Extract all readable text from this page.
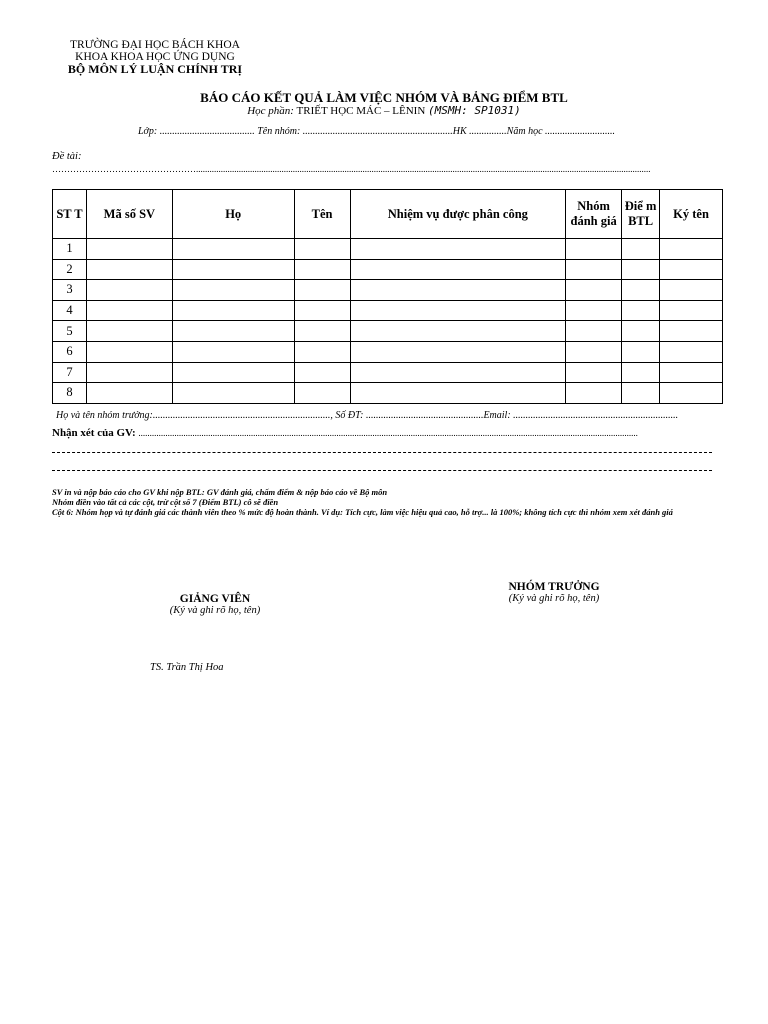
TRƯỜNG ĐẠI HỌC BÁCH KHOA
KHOA KHOA HỌC ỨNG DỤNG
BỘ MÔN LÝ LUẬN CHÍNH TRỊ
BÁO CÁO KẾT QUẢ LÀM VIỆC NHÓM VÀ BẢNG ĐIỂM BTL
Học phần: TRIẾT HỌC MÁC – LÊNIN (MSMH: SP1031)
Lớp: ...................................... Tên nhóm: ............................................................HK ...............Năm học ............................
Đề tài:
…………………………………………..........................................................................................................................................................................................................
ST T	Mã số SV	Họ	Tên	Nhiệm vụ được phân công	Nhóm đánh giá	Điể m BTL	Ký tên
1							
2							
3							
4							
5							
6							
7							
8							
Họ và tên nhóm trưởng:......................................................................., Số ĐT: ...............................................Email: ..................................................................
Nhận xét của GV: ..............................................................................................................................................................................................................................
SV in và nộp báo cáo cho GV khi nộp BTL: GV đánh giá, chấm điểm & nộp báo cáo về Bộ môn
Nhóm điền vào tất cả các cột, trừ cột số 7 (Điểm BTL) cô sẽ điền
Cột 6: Nhóm họp và tự đánh giá các thành viên theo % mức độ hoàn thành. Ví dụ: Tích cực, làm việc hiệu quả cao, hỗ trợ... là 100%; không tích cực thì nhóm xem xét đánh giá
GIẢNG VIÊN
(Ký và ghi rõ họ, tên)
TS. Trần Thị Hoa
NHÓM TRƯỞNG
(Ký và ghi rõ họ, tên)
